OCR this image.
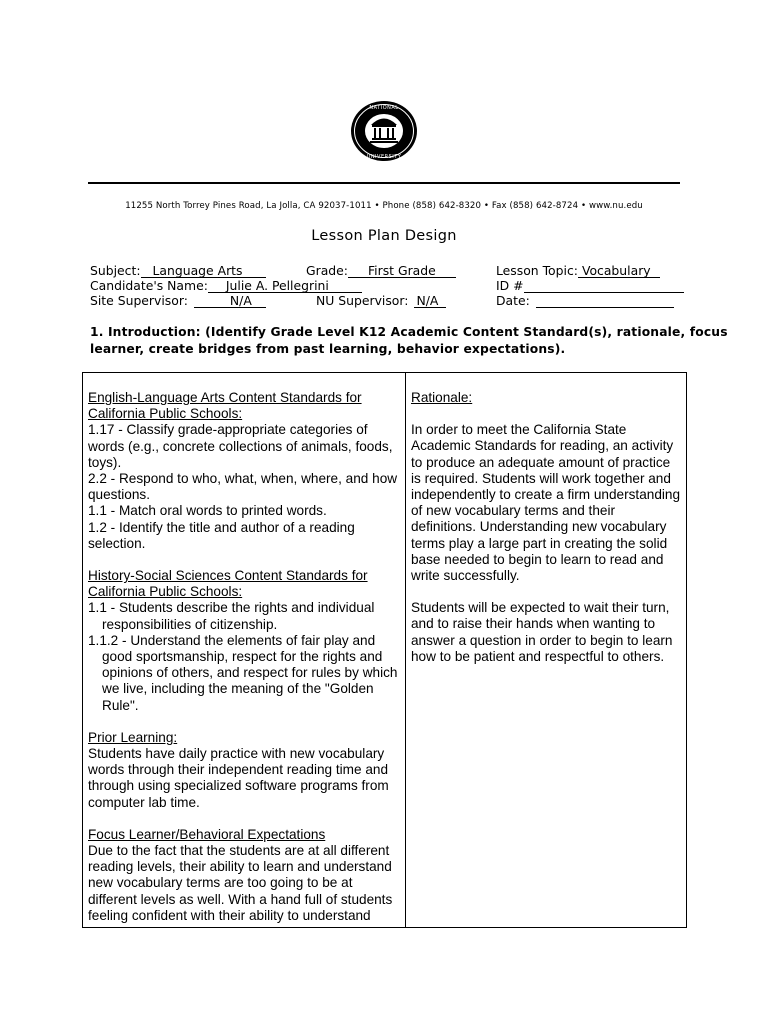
NATIONAL
UNIVERSITY
11255 North Torrey Pines Road, La Jolla, CA 92037-1011 • Phone (858) 642-8320 • Fax (858) 642-8724 • www.nu.edu
Lesson Plan Design
Subject: Language Arts	Grade: First Grade	Lesson Topic: Vocabulary
Candidate's Name: Julie A. Pellegrini	ID #
Site Supervisor:	N/A	NU Supervisor: N/A	Date:
1. Introduction: (Identify Grade Level K12 Academic Content Standard(s), rationale, focus learner, create bridges from past learning, behavior expectations).

English-Language Arts Content Standards for California Public Schools:

1.17 - Classify grade-appropriate categories of words (e.g., concrete collections of animals, foods, toys).

2.2 - Respond to who, what, when, where, and how questions.

1.1 - Match oral words to printed words.

1.2 - Identify the title and author of a reading selection.

History-Social Sciences Content Standards for California Public Schools:

1.1 - Students describe the rights and individual responsibilities of citizenship.

1.1.2 - Understand the elements of fair play and good sportsmanship, respect for the rights and opinions of others, and respect for rules by which we live, including the meaning of the "Golden Rule".

Prior Learning:

Students have daily practice with new vocabulary words through their independent reading time and through using specialized software programs from computer lab time.

Focus Learner/Behavioral Expectations

Due to the fact that the students are at all different reading levels, their ability to learn and understand new vocabulary terms are too going to be at different levels as well. With a hand full of students feeling confident with their ability to understand

Rationale:

In order to meet the California State Academic Standards for reading, an activity to produce an adequate amount of practice is required. Students will work together and independently to create a firm understanding of new vocabulary terms and their definitions. Understanding new vocabulary terms play a large part in creating the solid base needed to begin to learn to read and write successfully.

Students will be expected to wait their turn, and to raise their hands when wanting to answer a question in order to begin to learn how to be patient and respectful to others.
